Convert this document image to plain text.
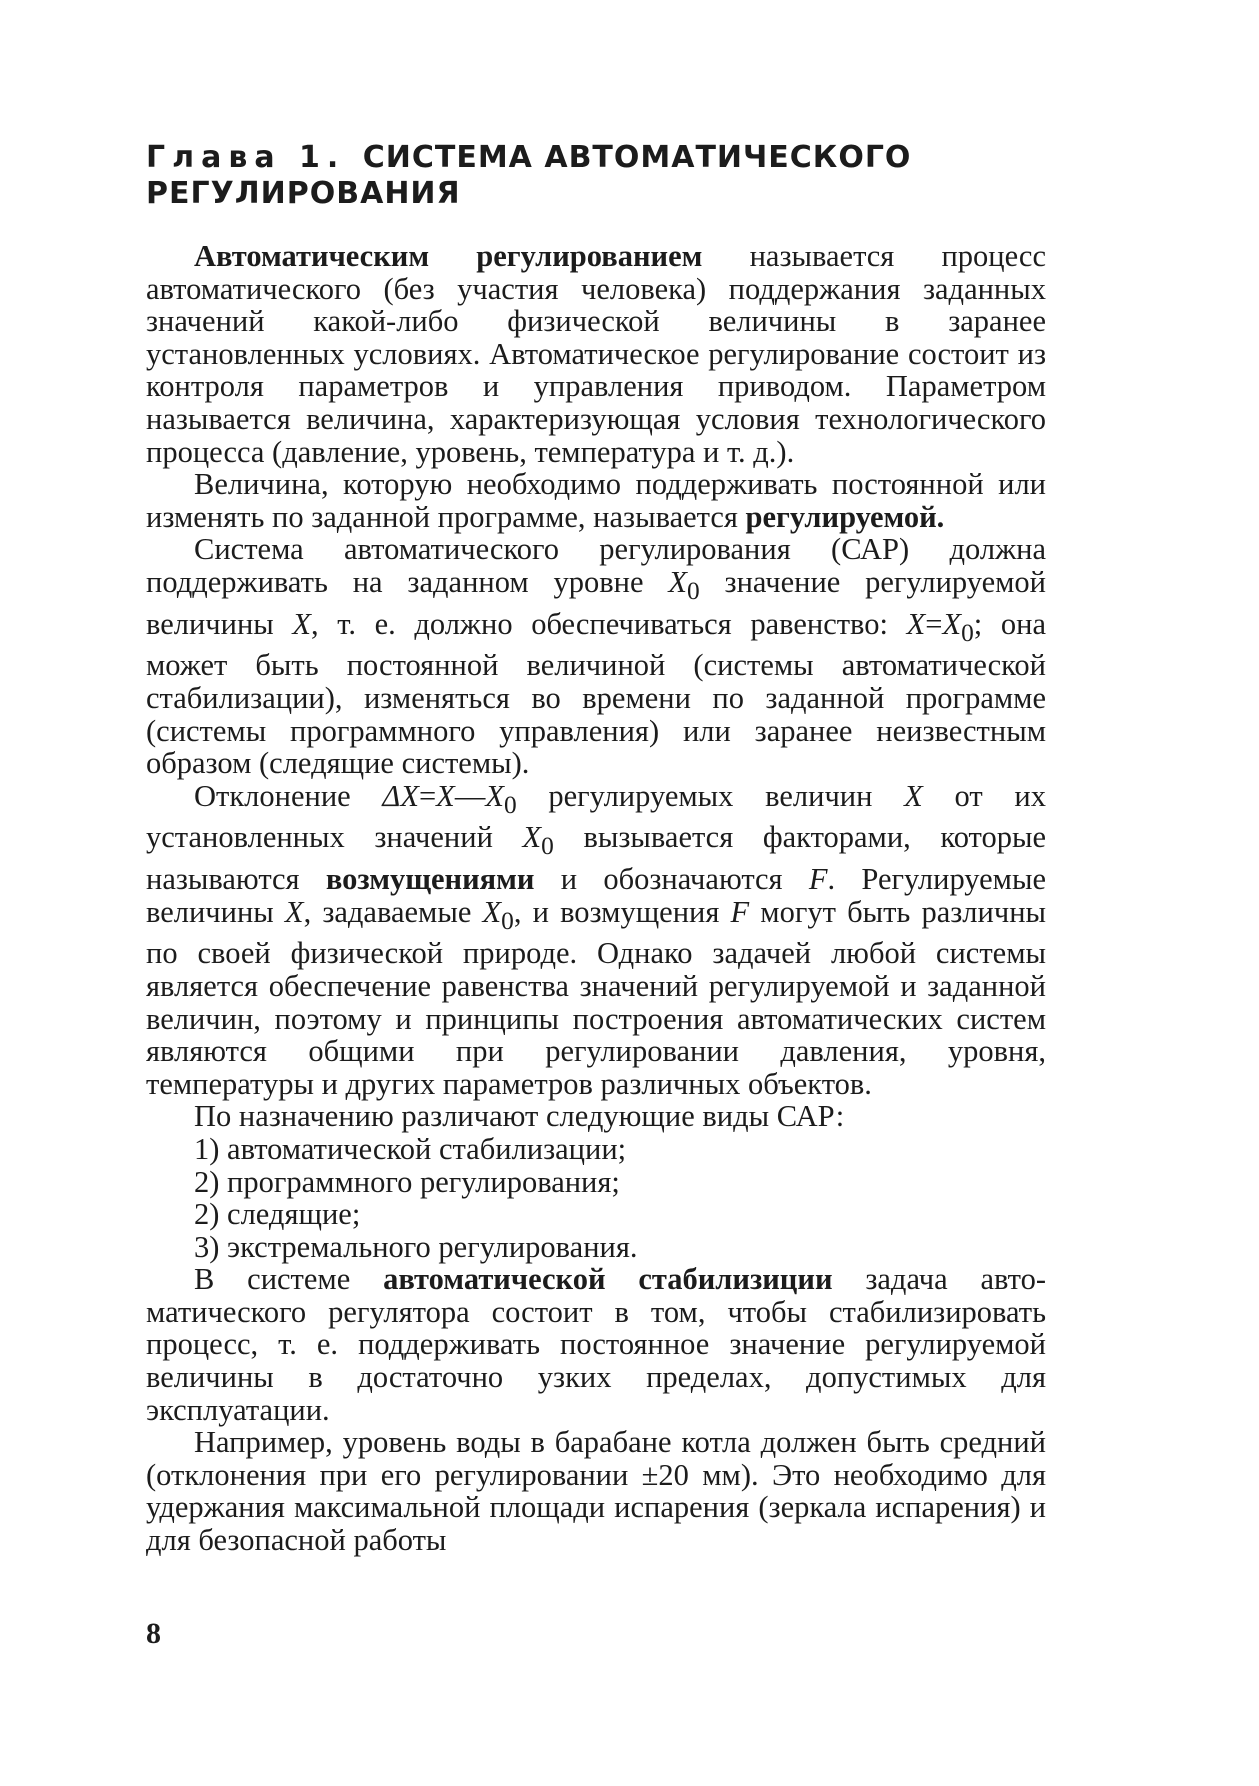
Глава 1. СИСТЕМА АВТОМАТИЧЕСКОГО
РЕГУЛИРОВАНИЯ

Автоматическим регулированием называется процесс автоматического (без участия человека) поддержания заданных значений какой-либо физической величины в заранее установленных условиях. Автоматическое регулирование состоит из контроля параметров и управления приводом. Параметром называется величина, характеризующая условия технологического процесса (давление, уровень, температура и т. д.).

Величина, которую необходимо поддерживать постоянной или изменять по заданной программе, называется регулируемой.

Система автоматического регулирования (САР) должна поддерживать на заданном уровне $X_0$ значение регулируемой величины X, т. е. должно обеспечиваться равенство: $X=X_0$; она может быть постоянной величиной (системы автоматической стабилизации), изменяться во времени по заданной программе (системы программного управления) или заранее неизвестным образом (следящие системы).

Отклонение $\Delta X=X—X_0$ регулируемых величин X от их установленных значений $X_0$ вызывается факторами, которые называются возмущениями и обозначаются F. Регулируемые величины X, задаваемые $X_0$, и возмущения F могут быть различны по своей физической природе. Однако задачей любой системы является обеспечение равенства значений регулируемой и заданной величин, поэтому и принципы построения автоматических систем являются общими при регулировании давления, уровня, температуры и других параметров различных объектов.

По назначению различают следующие виды САР:

1) автоматической стабилизации;

2) программного регулирования;

2) следящие;

3) экстремального регулирования.

В системе автоматической стабилизиции задача автоматического регулятора состоит в том, чтобы стабилизировать процесс, т. е. поддерживать постоянное значение регулируемой величины в достаточно узких пределах, допустимых для эксплуатации.

Например, уровень воды в барабане котла должен быть средний (отклонения при его регулировании ±20 мм). Это необходимо для удержания максимальной площади испарения (зеркала испарения) и для безопасной работы

8
